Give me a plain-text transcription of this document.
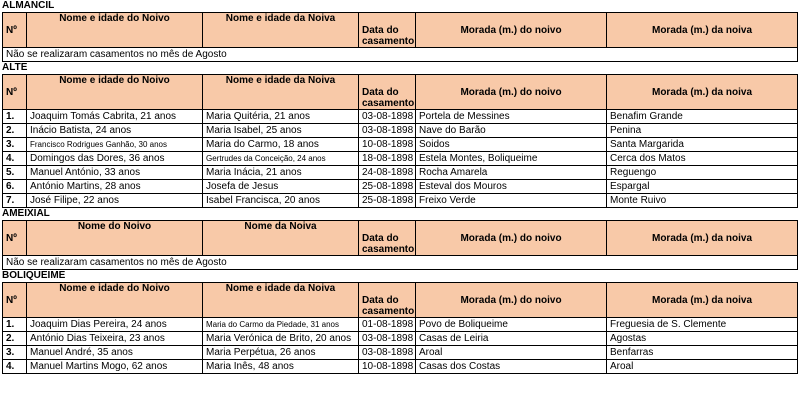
ALMANCIL
Nº	Nome e idade do Noivo	Nome e idade da Noiva	Data do casamento	Morada (m.) do noivo	Morada (m.) da noiva
Não se realizaram casamentos no mês de Agosto
ALTE
Nº	Nome e idade do Noivo	Nome e idade da Noiva	Data do casamento	Morada (m.) do noivo	Morada (m.) da noiva
1.	Joaquim Tomás Cabrita, 21 anos	Maria Quitéria, 21 anos	03-08-1898	Portela de Messines	Benafim Grande
2.	Inácio Batista, 24 anos	Maria Isabel, 25 anos	03-08-1898	Nave do Barão	Penina
3.	Francisco Rodrigues Ganhão, 30 anos	Maria do Carmo, 18 anos	10-08-1898	Soidos	Santa Margarida
4.	Domingos das Dores, 36 anos	Gertrudes da Conceição, 24 anos	18-08-1898	Estela Montes, Boliqueime	Cerca dos Matos
5.	Manuel António, 33 anos	Maria Inácia, 21 anos	24-08-1898	Rocha Amarela	Reguengo
6.	António Martins, 28 anos	Josefa de Jesus	25-08-1898	Esteval dos Mouros	Espargal
7.	José Filipe, 22 anos	Isabel Francisca, 20 anos	25-08-1898	Freixo Verde	Monte Ruivo
AMEIXIAL
Nº	Nome do Noivo	Nome da Noiva	Data do casamento	Morada (m.) do noivo	Morada (m.) da noiva
Não se realizaram casamentos no mês de Agosto
BOLIQUEIME
Nº	Nome e idade do Noivo	Nome e idade da Noiva	Data do casamento	Morada (m.) do noivo	Morada (m.) da noiva
1.	Joaquim Dias Pereira, 24 anos	Maria do Carmo da Piedade, 31 anos	01-08-1898	Povo de Boliqueime	Freguesia de S. Clemente
2.	António Dias Teixeira, 23 anos	Maria Verónica de Brito, 20 anos	03-08-1898	Casas de Leiria	Agostas
3.	Manuel André, 35 anos	Maria Perpétua, 26 anos	03-08-1898	Aroal	Benfarras
4.	Manuel Martins Mogo, 62 anos	Maria Inês, 48 anos	10-08-1898	Casas dos Costas	Aroal
